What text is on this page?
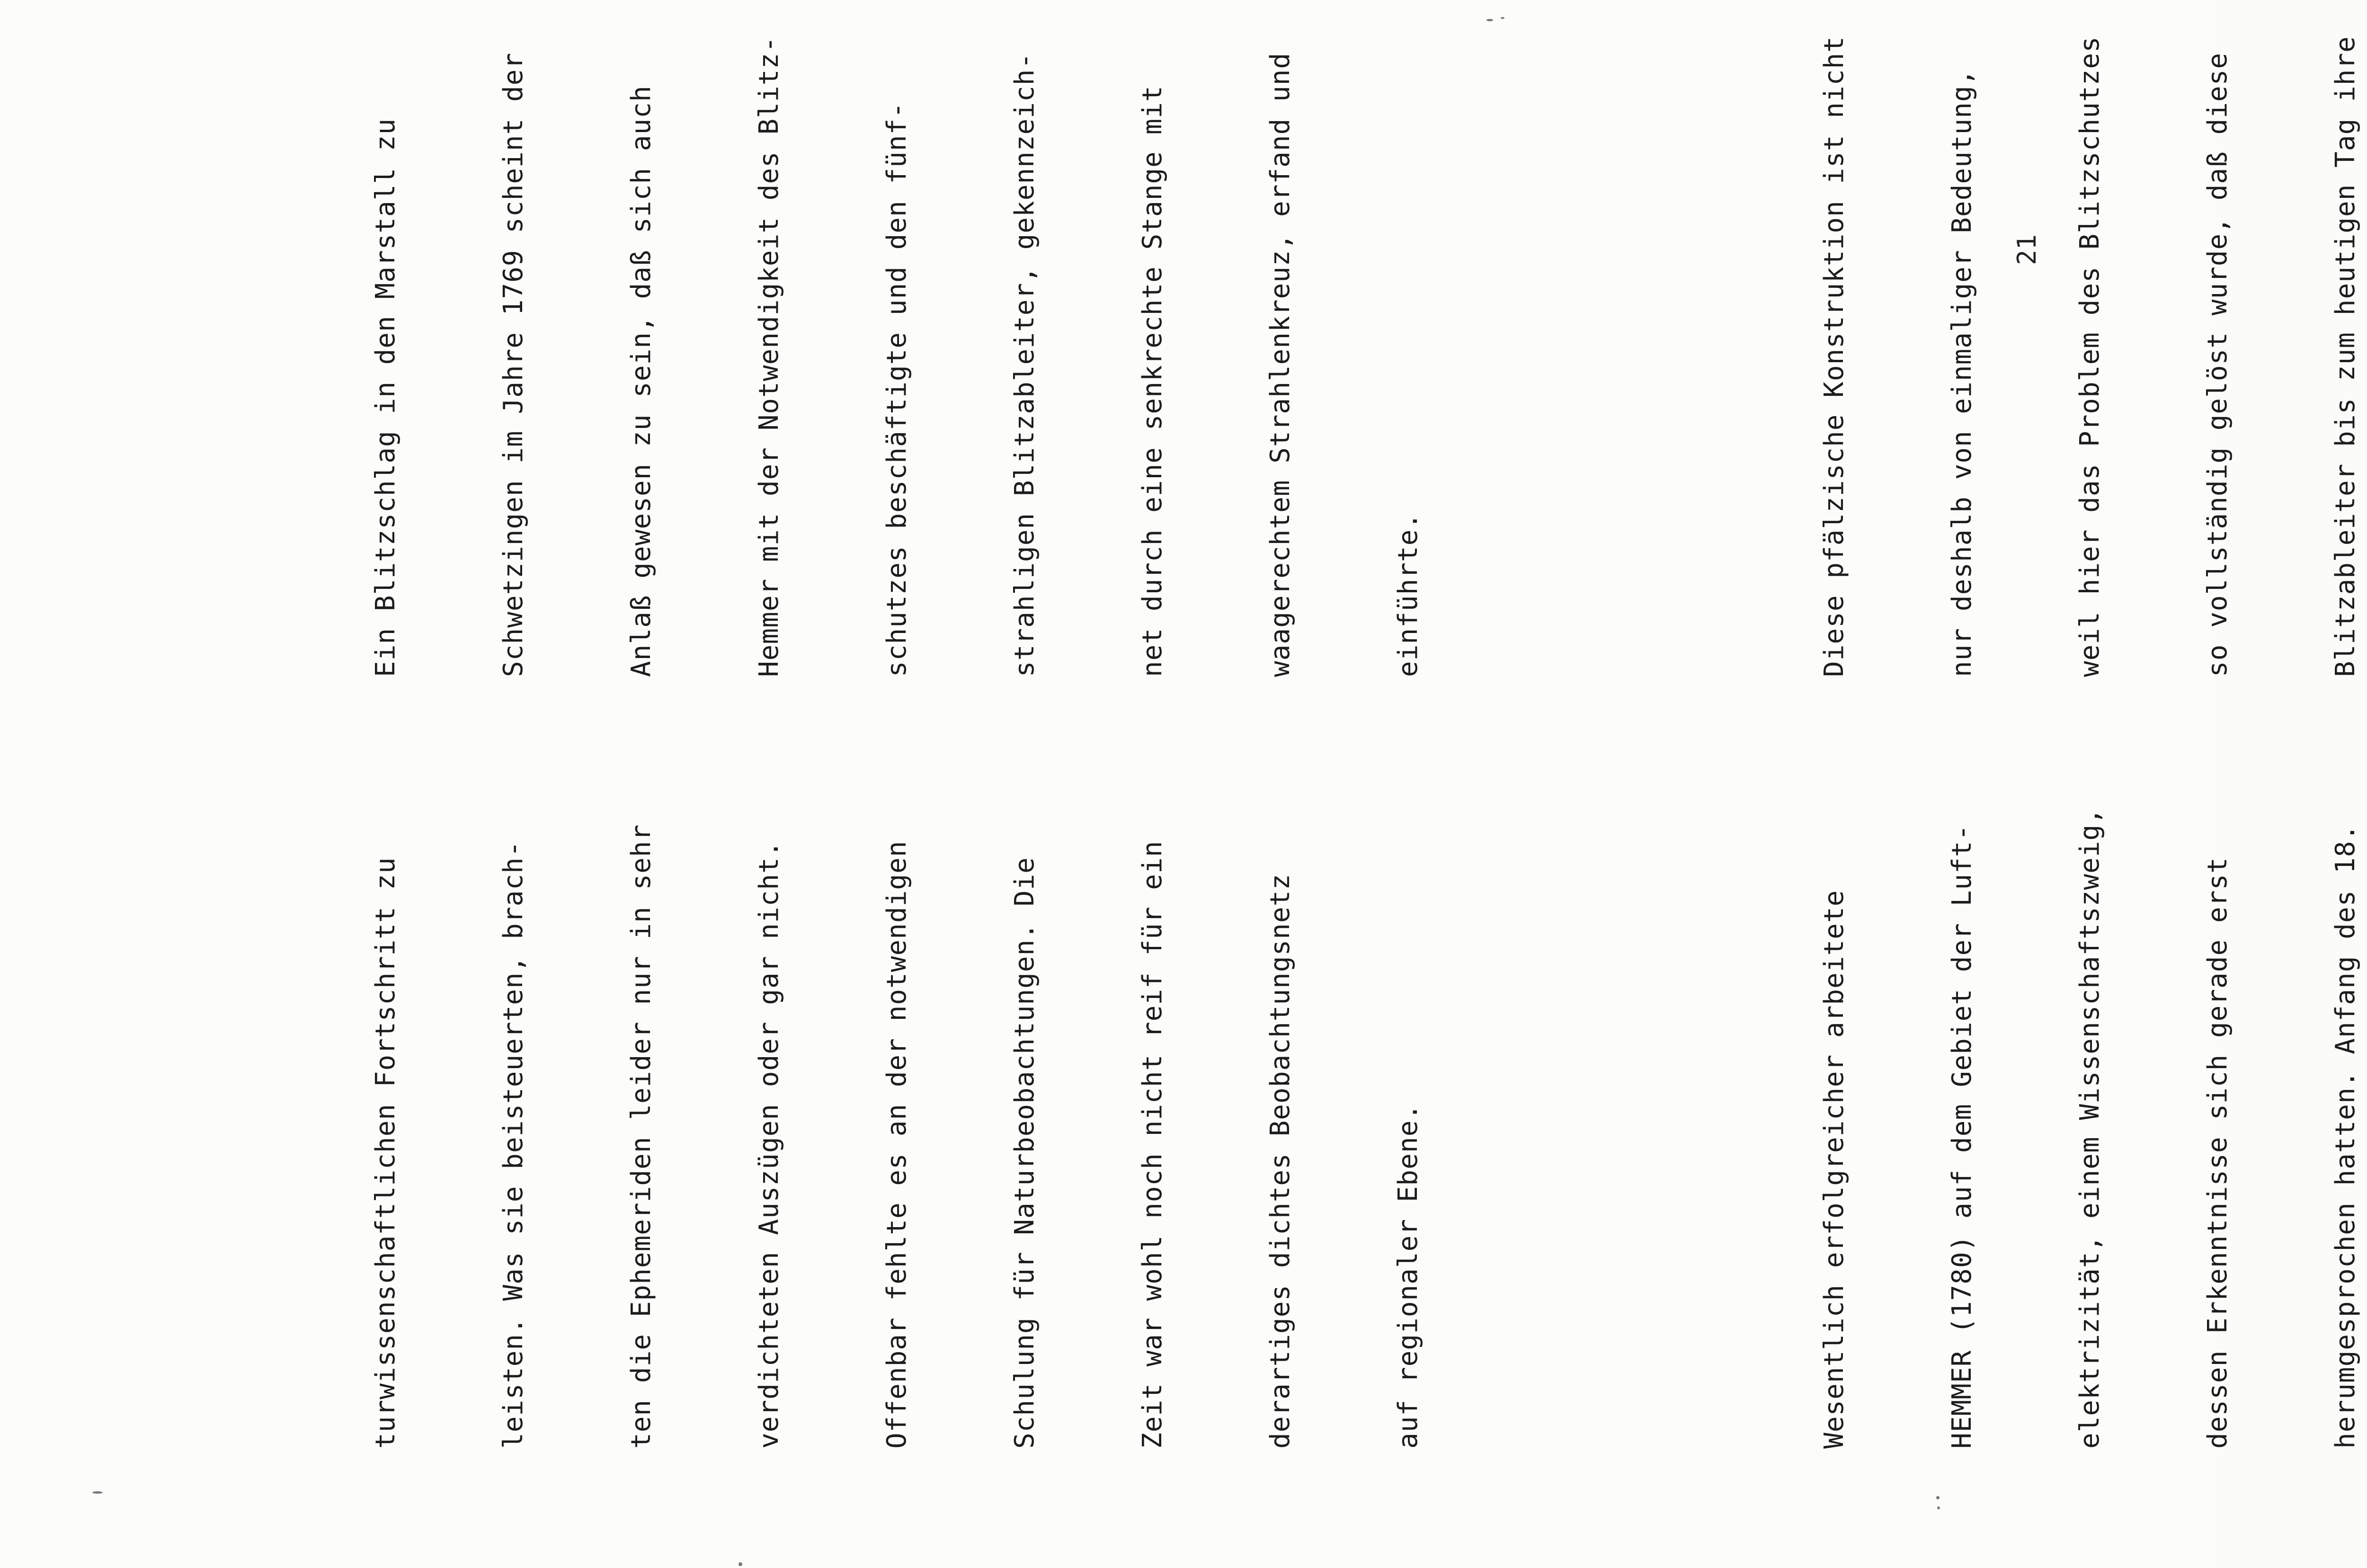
turwissenschaftlichen Fortschritt zu

	leisten. Was sie beisteuerten, brach-

	ten die Ephemeriden leider nur in sehr

	verdichteten Auszügen oder gar nicht.

	Offenbar fehlte es an der notwendigen

	Schulung für Naturbeobachtungen. Die

	Zeit war wohl noch nicht reif für ein

	derartiges dichtes Beobachtungsnetz

	auf regionaler Ebene.

	Wesentlich erfolgreicher arbeitete

	HEMMER (1780) auf dem Gebiet der Luft-

	elektrizität, einem Wissenschaftszweig,

	dessen Erkenntnisse sich gerade erst

	herumgesprochen hatten. Anfang des 18.

Ein Blitzschlag in den Marstall zu

	Schwetzingen im Jahre 1769 scheint der

	Anlaß gewesen zu sein, daß sich auch

	Hemmer mit der Notwendigkeit des Blitz-

	schutzes beschäftigte und den fünf-

	strahligen Blitzableiter, gekennzeich-

	net durch eine senkrechte Stange mit

	waagerechtem Strahlenkreuz, erfand und

	einführte.

	Diese pfälzische Konstruktion ist nicht

	nur deshalb von einmaliger Bedeutung,

	weil hier das Problem des Blitzschutzes

	so vollständig gelöst wurde, daß diese

	Blitzableiter bis zum heutigen Tag ihre

21
